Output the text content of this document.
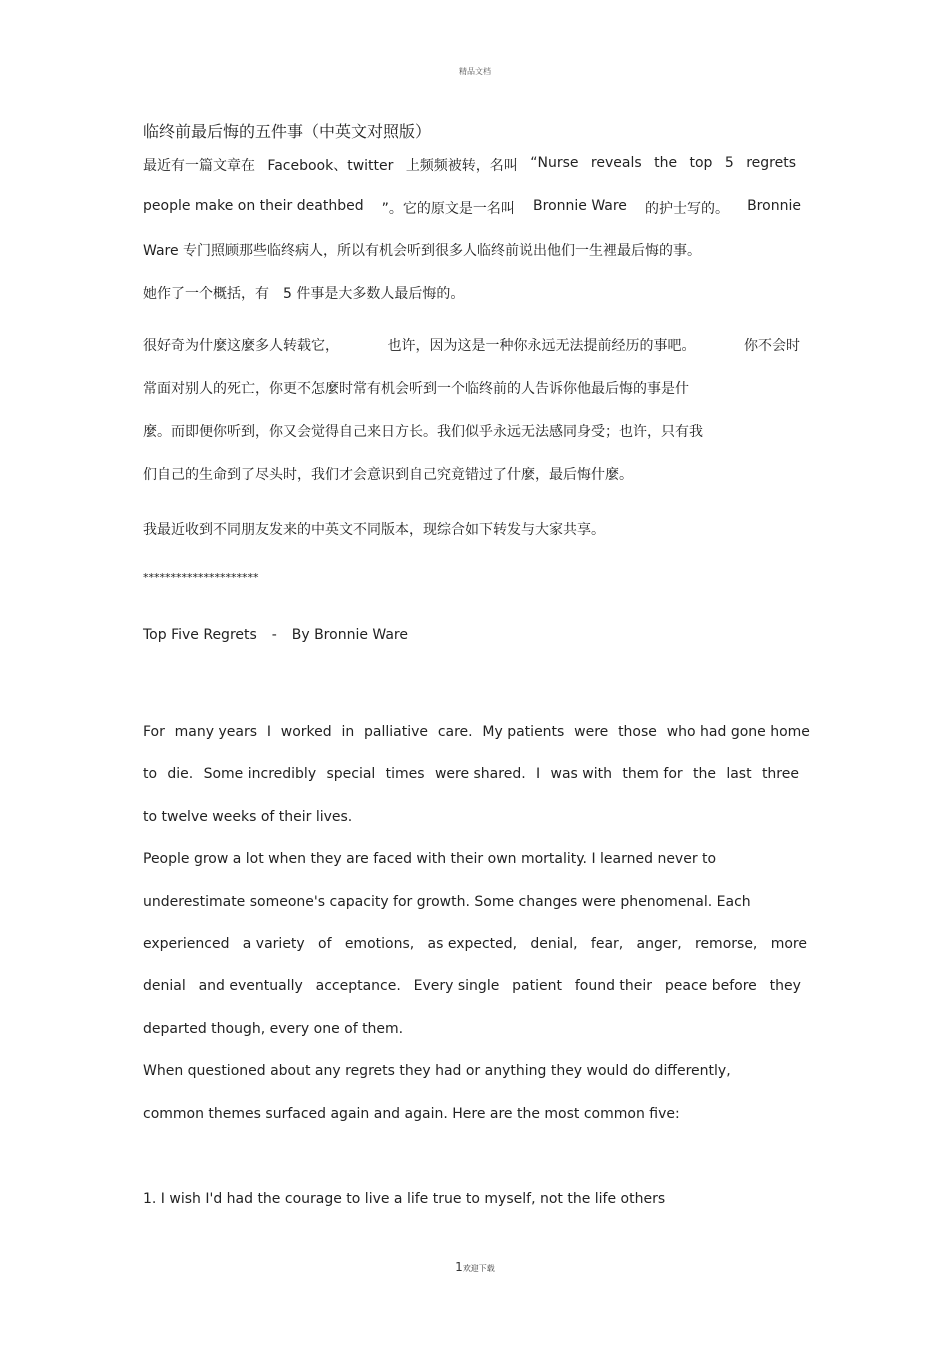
精品文档
临终前最后悔的五件事（中英文对照版）
最近有一篇文章在 Facebook、twitter 上频频被转，名叫 “Nurse reveals the top 5 regrets
people make on their deathbed ”。它的原文是一名叫 Bronnie Ware 的护士写的。 Bronnie
Ware 专门照顾那些临终病人，所以有机会听到很多人临终前说出他们一生裡最后悔的事。
她作了一个概括，有　5 件事是大多数人最后悔的。
很好奇为什麼这麼多人转载它，	也许，因为这是一种你永远无法提前经历的事吧。	你不会时
常面对别人的死亡，你更不怎麼时常有机会听到一个临终前的人告诉你他最后悔的事是什
麼。而即便你听到，你又会觉得自己来日方长。我们似乎永远无法感同身受；也许，只有我
们自己的生命到了尽头时，我们才会意识到自己究竟错过了什麼，最后悔什麼。
我最近收到不同朋友发来的中英文不同版本，现综合如下转发与大家共享。
*********************
Top Five Regrets - By Bronnie Ware
For many years I worked in palliative care. My patients were those who had gone home
to die. Some incredibly special times were shared. I was with them for the last three
to twelve weeks of their lives.
People grow a lot when they are faced with their own mortality. I learned never to
underestimate someone's capacity for growth. Some changes were phenomenal. Each
experienced a variety of emotions, as expected, denial, fear, anger, remorse, more
denial and eventually acceptance. Every single patient found their peace before they
departed though, every one of them.
When questioned about any regrets they had or anything they would do differently,
common themes surfaced again and again. Here are the most common five:
1. I wish I'd had the courage to live a life true to myself, not the life others
1欢迎下载
